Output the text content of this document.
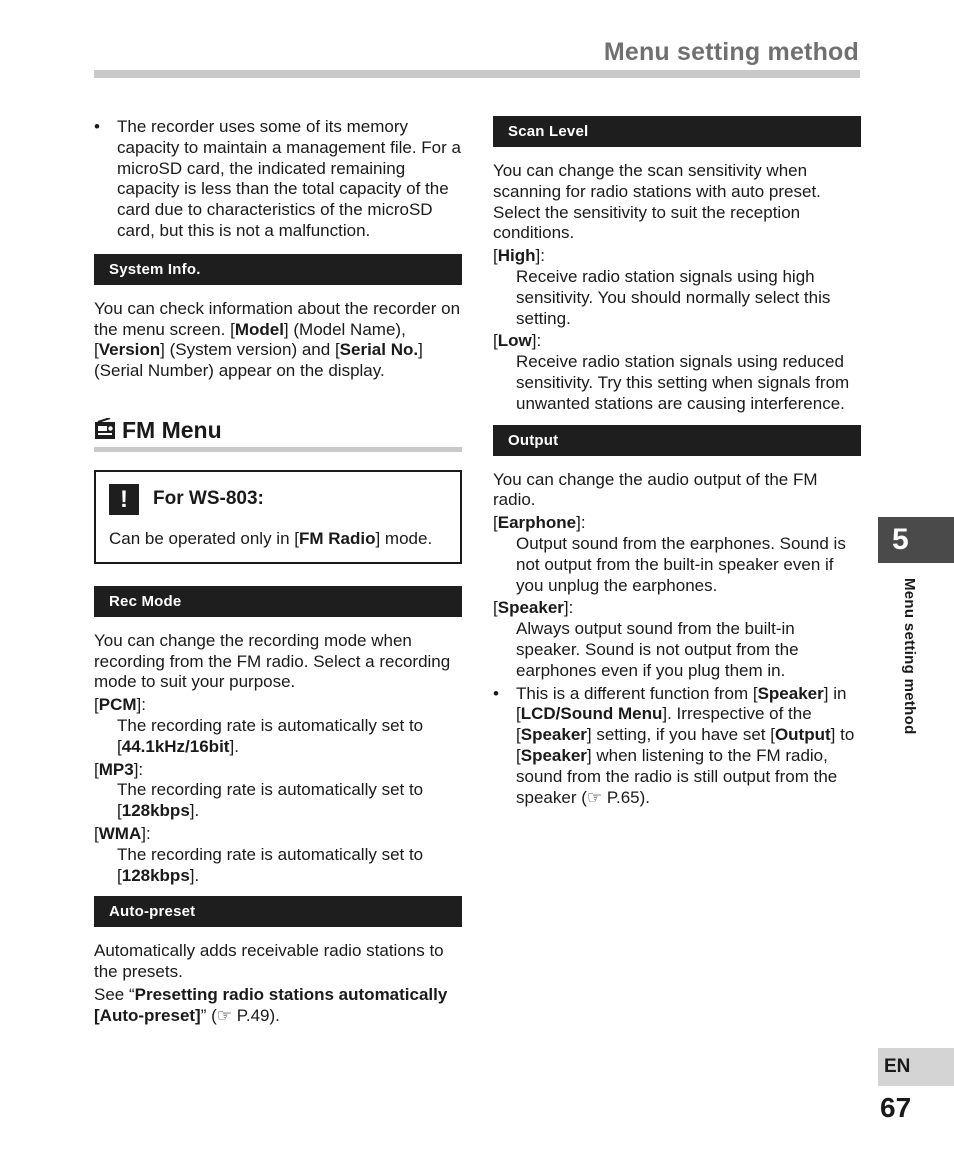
Menu setting method
• The recorder uses some of its memory capacity to maintain a management file. For a microSD card, the indicated remaining capacity is less than the total capacity of the card due to characteristics of the microSD card, but this is not a malfunction.

System Info.

You can check information about the recorder on the menu screen. [Model] (Model Name), [Version] (System version) and [Serial No.] (Serial Number) appear on the display.

FM Menu
!	For WS-803:

Can be operated only in [FM Radio] mode.

Rec Mode

You can change the recording mode when recording from the FM radio. Select a recording mode to suit your purpose.

[PCM]:

The recording rate is automatically set to [44.1kHz/16bit].

[MP3]:

The recording rate is automatically set to [128kbps].

[WMA]:

The recording rate is automatically set to [128kbps].

Auto-preset

Automatically adds receivable radio stations to the presets.

See “Presetting radio stations automatically [Auto-preset]” (☞ P.49).

Scan Level

You can change the scan sensitivity when scanning for radio stations with auto preset. Select the sensitivity to suit the reception conditions.

[High]:

Receive radio station signals using high sensitivity. You should normally select this setting.

[Low]:

Receive radio station signals using reduced sensitivity. Try this setting when signals from unwanted stations are causing interference.

Output

You can change the audio output of the FM radio.

[Earphone]:

Output sound from the earphones. Sound is not output from the built-in speaker even if you unplug the earphones.

[Speaker]:

Always output sound from the built-in speaker. Sound is not output from the earphones even if you plug them in.

• This is a different function from [Speaker] in [LCD/Sound Menu]. Irrespective of the [Speaker] setting, if you have set [Output] to [Speaker] when listening to the FM radio, sound from the radio is still output from the speaker (☞ P.65).

5
Menu setting method
EN
67
